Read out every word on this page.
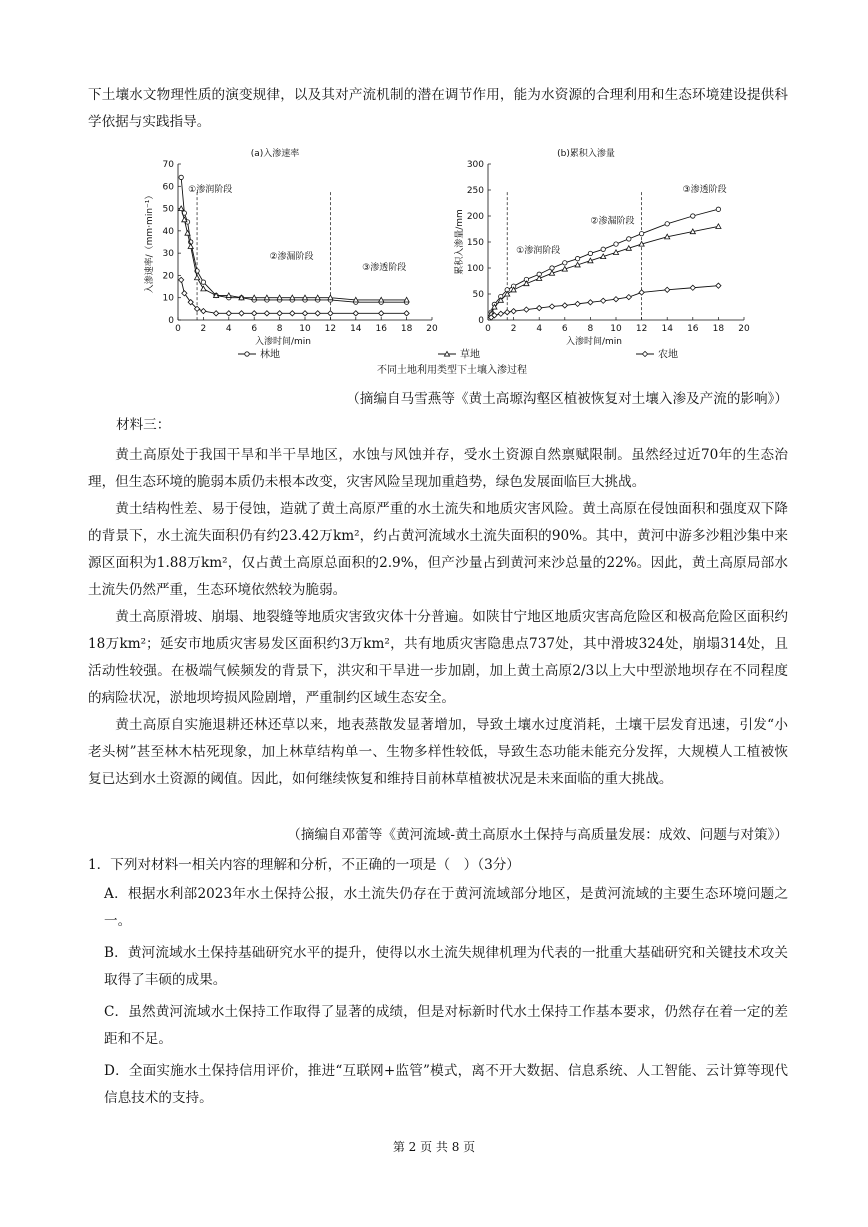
下土壤水文物理性质的演变规律，以及其对产流机制的潜在调节作用，能为水资源的合理利用和生态环境建设提供科学依据与实践指导。

0 2 4 6 8 10 12 14 16 18 20
0
10
20
30
40
50
60
70
(a)入渗速率
入渗时间/min
入渗速率/（mm·min⁻¹）
①渗润阶段
②渗漏阶段
③渗透阶段
0 2 4 6 8 10 12 14 16 18 20
0
50
100
150
200
250
300
(b)累积入渗量
入渗时间/min
累积入渗量/mm	①渗润阶段
②渗漏阶段
③渗透阶段
林地	草地	农地
不同土地利用类型下土壤入渗过程
（摘编自马雪燕等《黄土高塬沟壑区植被恢复对土壤入渗及产流的影响》）
材料三：

黄土高原处于我国干旱和半干旱地区，水蚀与风蚀并存，受水土资源自然禀赋限制。虽然经过近70年的生态治理，但生态环境的脆弱本质仍未根本改变，灾害风险呈现加重趋势，绿色发展面临巨大挑战。

黄土结构性差、易于侵蚀，造就了黄土高原严重的水土流失和地质灾害风险。黄土高原在侵蚀面积和强度双下降的背景下，水土流失面积仍有约23.42万km²，约占黄河流域水土流失面积的90%。其中，黄河中游多沙粗沙集中来源区面积为1.88万km²，仅占黄土高原总面积的2.9%，但产沙量占到黄河来沙总量的22%。因此，黄土高原局部水土流失仍然严重，生态环境依然较为脆弱。

黄土高原滑坡、崩塌、地裂缝等地质灾害致灾体十分普遍。如陕甘宁地区地质灾害高危险区和极高危险区面积约18万km²；延安市地质灾害易发区面积约3万km²，共有地质灾害隐患点737处，其中滑坡324处，崩塌314处，且活动性较强。在极端气候频发的背景下，洪灾和干旱进一步加剧，加上黄土高原2/3以上大中型淤地坝存在不同程度的病险状况，淤地坝垮损风险剧增，严重制约区域生态安全。

黄土高原自实施退耕还林还草以来，地表蒸散发显著增加，导致土壤水过度消耗，土壤干层发育迅速，引发“小老头树”甚至林木枯死现象，加上林草结构单一、生物多样性较低，导致生态功能未能充分发挥，大规模人工植被恢复已达到水土资源的阈值。因此，如何继续恢复和维持目前林草植被状况是未来面临的重大挑战。

（摘编自邓蕾等《黄河流域-黄土高原水土保持与高质量发展：成效、问题与对策》）

1．下列对材料一相关内容的理解和分析，不正确的一项是（　）（3分）

A．根据水利部2023年水土保持公报，水土流失仍存在于黄河流域部分地区，是黄河流域的主要生态环境问题之一。

B．黄河流域水土保持基础研究水平的提升，使得以水土流失规律机理为代表的一批重大基础研究和关键技术攻关取得了丰硕的成果。

C．虽然黄河流域水土保持工作取得了显著的成绩，但是对标新时代水土保持工作基本要求，仍然存在着一定的差距和不足。

D．全面实施水土保持信用评价，推进“互联网+监管”模式，离不开大数据、信息系统、人工智能、云计算等现代信息技术的支持。

第 2 页 共 8 页
